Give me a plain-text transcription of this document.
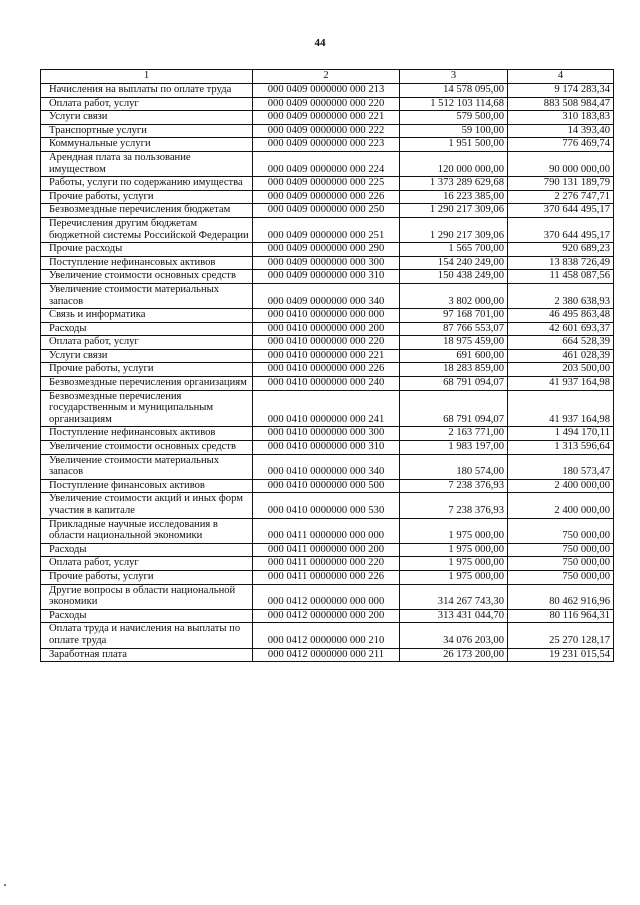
44
1	2	3	4
Начисления на выплаты по оплате труда	000 0409 0000000 000 213	14 578 095,00	9 174 283,34
Оплата работ, услуг	000 0409 0000000 000 220	1 512 103 114,68	883 508 984,47
Услуги связи	000 0409 0000000 000 221	579 500,00	310 183,83
Транспортные услуги	000 0409 0000000 000 222	59 100,00	14 393,40
Коммунальные услуги	000 0409 0000000 000 223	1 951 500,00	776 469,74
Арендная плата за пользование имуществом	000 0409 0000000 000 224	120 000 000,00	90 000 000,00
Работы, услуги по содержанию имущества	000 0409 0000000 000 225	1 373 289 629,68	790 131 189,79
Прочие работы, услуги	000 0409 0000000 000 226	16 223 385,00	2 276 747,71
Безвозмездные перечисления бюджетам	000 0409 0000000 000 250	1 290 217 309,06	370 644 495,17
Перечисления другим бюджетам бюджетной системы Российской Федерации	000 0409 0000000 000 251	1 290 217 309,06	370 644 495,17
Прочие расходы	000 0409 0000000 000 290	1 565 700,00	920 689,23
Поступление нефинансовых активов	000 0409 0000000 000 300	154 240 249,00	13 838 726,49
Увеличение стоимости основных средств	000 0409 0000000 000 310	150 438 249,00	11 458 087,56
Увеличение стоимости материальных запасов	000 0409 0000000 000 340	3 802 000,00	2 380 638,93
Связь и информатика	000 0410 0000000 000 000	97 168 701,00	46 495 863,48
Расходы	000 0410 0000000 000 200	87 766 553,07	42 601 693,37
Оплата работ, услуг	000 0410 0000000 000 220	18 975 459,00	664 528,39
Услуги связи	000 0410 0000000 000 221	691 600,00	461 028,39
Прочие работы, услуги	000 0410 0000000 000 226	18 283 859,00	203 500,00
Безвозмездные перечисления организациям	000 0410 0000000 000 240	68 791 094,07	41 937 164,98
Безвозмездные перечисления государственным и муниципальным организациям	000 0410 0000000 000 241	68 791 094,07	41 937 164,98
Поступление нефинансовых активов	000 0410 0000000 000 300	2 163 771,00	1 494 170,11
Увеличение стоимости основных средств	000 0410 0000000 000 310	1 983 197,00	1 313 596,64
Увеличение стоимости материальных запасов	000 0410 0000000 000 340	180 574,00	180 573,47
Поступление финансовых активов	000 0410 0000000 000 500	7 238 376,93	2 400 000,00
Увеличение стоимости акций и иных форм участия в капитале	000 0410 0000000 000 530	7 238 376,93	2 400 000,00
Прикладные научные исследования в области национальной экономики	000 0411 0000000 000 000	1 975 000,00	750 000,00
Расходы	000 0411 0000000 000 200	1 975 000,00	750 000,00
Оплата работ, услуг	000 0411 0000000 000 220	1 975 000,00	750 000,00
Прочие работы, услуги	000 0411 0000000 000 226	1 975 000,00	750 000,00
Другие вопросы в области национальной экономики	000 0412 0000000 000 000	314 267 743,30	80 462 916,96
Расходы	000 0412 0000000 000 200	313 431 044,70	80 116 964,31
Оплата труда и начисления на выплаты по оплате труда	000 0412 0000000 000 210	34 076 203,00	25 270 128,17
Заработная плата	000 0412 0000000 000 211	26 173 200,00	19 231 015,54
